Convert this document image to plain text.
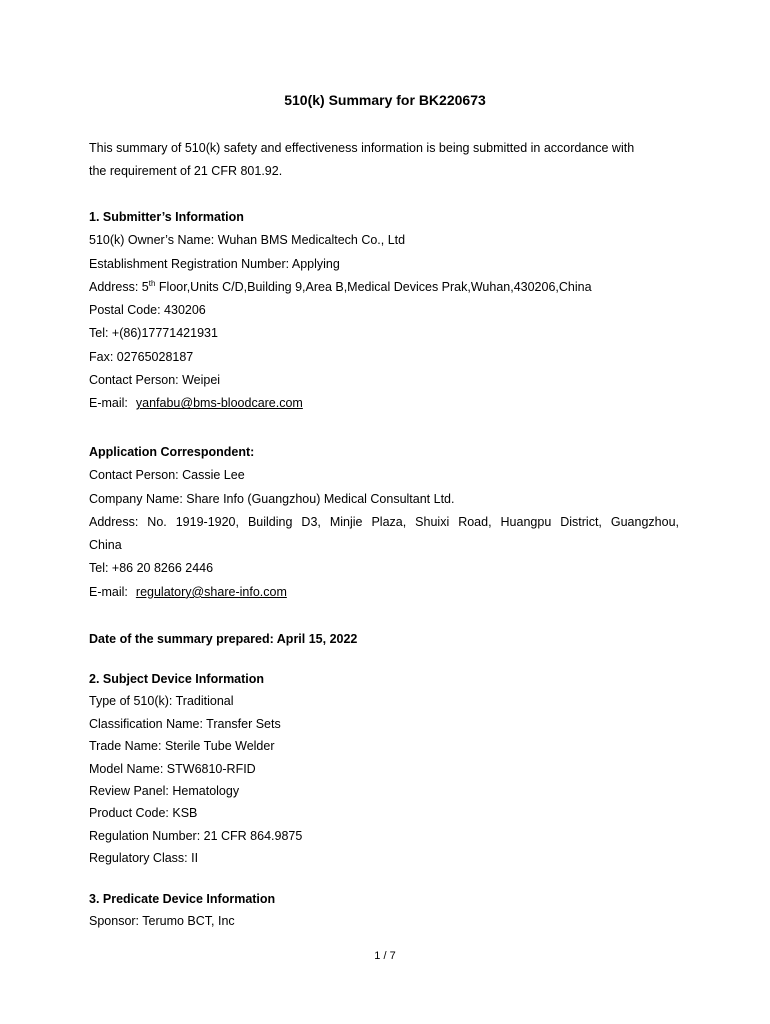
510(k) Summary for BK220673
This summary of 510(k) safety and effectiveness information is being submitted in accordance with
the requirement of 21 CFR 801.92.
1. Submitter’s Information
510(k) Owner’s Name: Wuhan BMS Medicaltech Co., Ltd
Establishment Registration Number: Applying
Address: 5th Floor,Units C/D,Building 9,Area B,Medical Devices Prak,Wuhan,430206,China
Postal Code: 430206
Tel: +(86)17771421931
Fax: 02765028187
Contact Person: Weipei
E-mail: yanfabu@bms-bloodcare.com
Application Correspondent:
Contact Person: Cassie Lee
Company Name: Share Info (Guangzhou) Medical Consultant Ltd.
Address: No. 1919-1920, Building D3, Minjie Plaza, Shuixi Road, Huangpu District, Guangzhou,
China
Tel: +86 20 8266 2446
E-mail: regulatory@share-info.com
Date of the summary prepared: April 15, 2022
2. Subject Device Information
Type of 510(k): Traditional
Classification Name: Transfer Sets
Trade Name: Sterile Tube Welder
Model Name: STW6810-RFID
Review Panel: Hematology
Product Code: KSB
Regulation Number: 21 CFR 864.9875
Regulatory Class: II
3. Predicate Device Information
Sponsor: Terumo BCT, Inc
1 / 7
